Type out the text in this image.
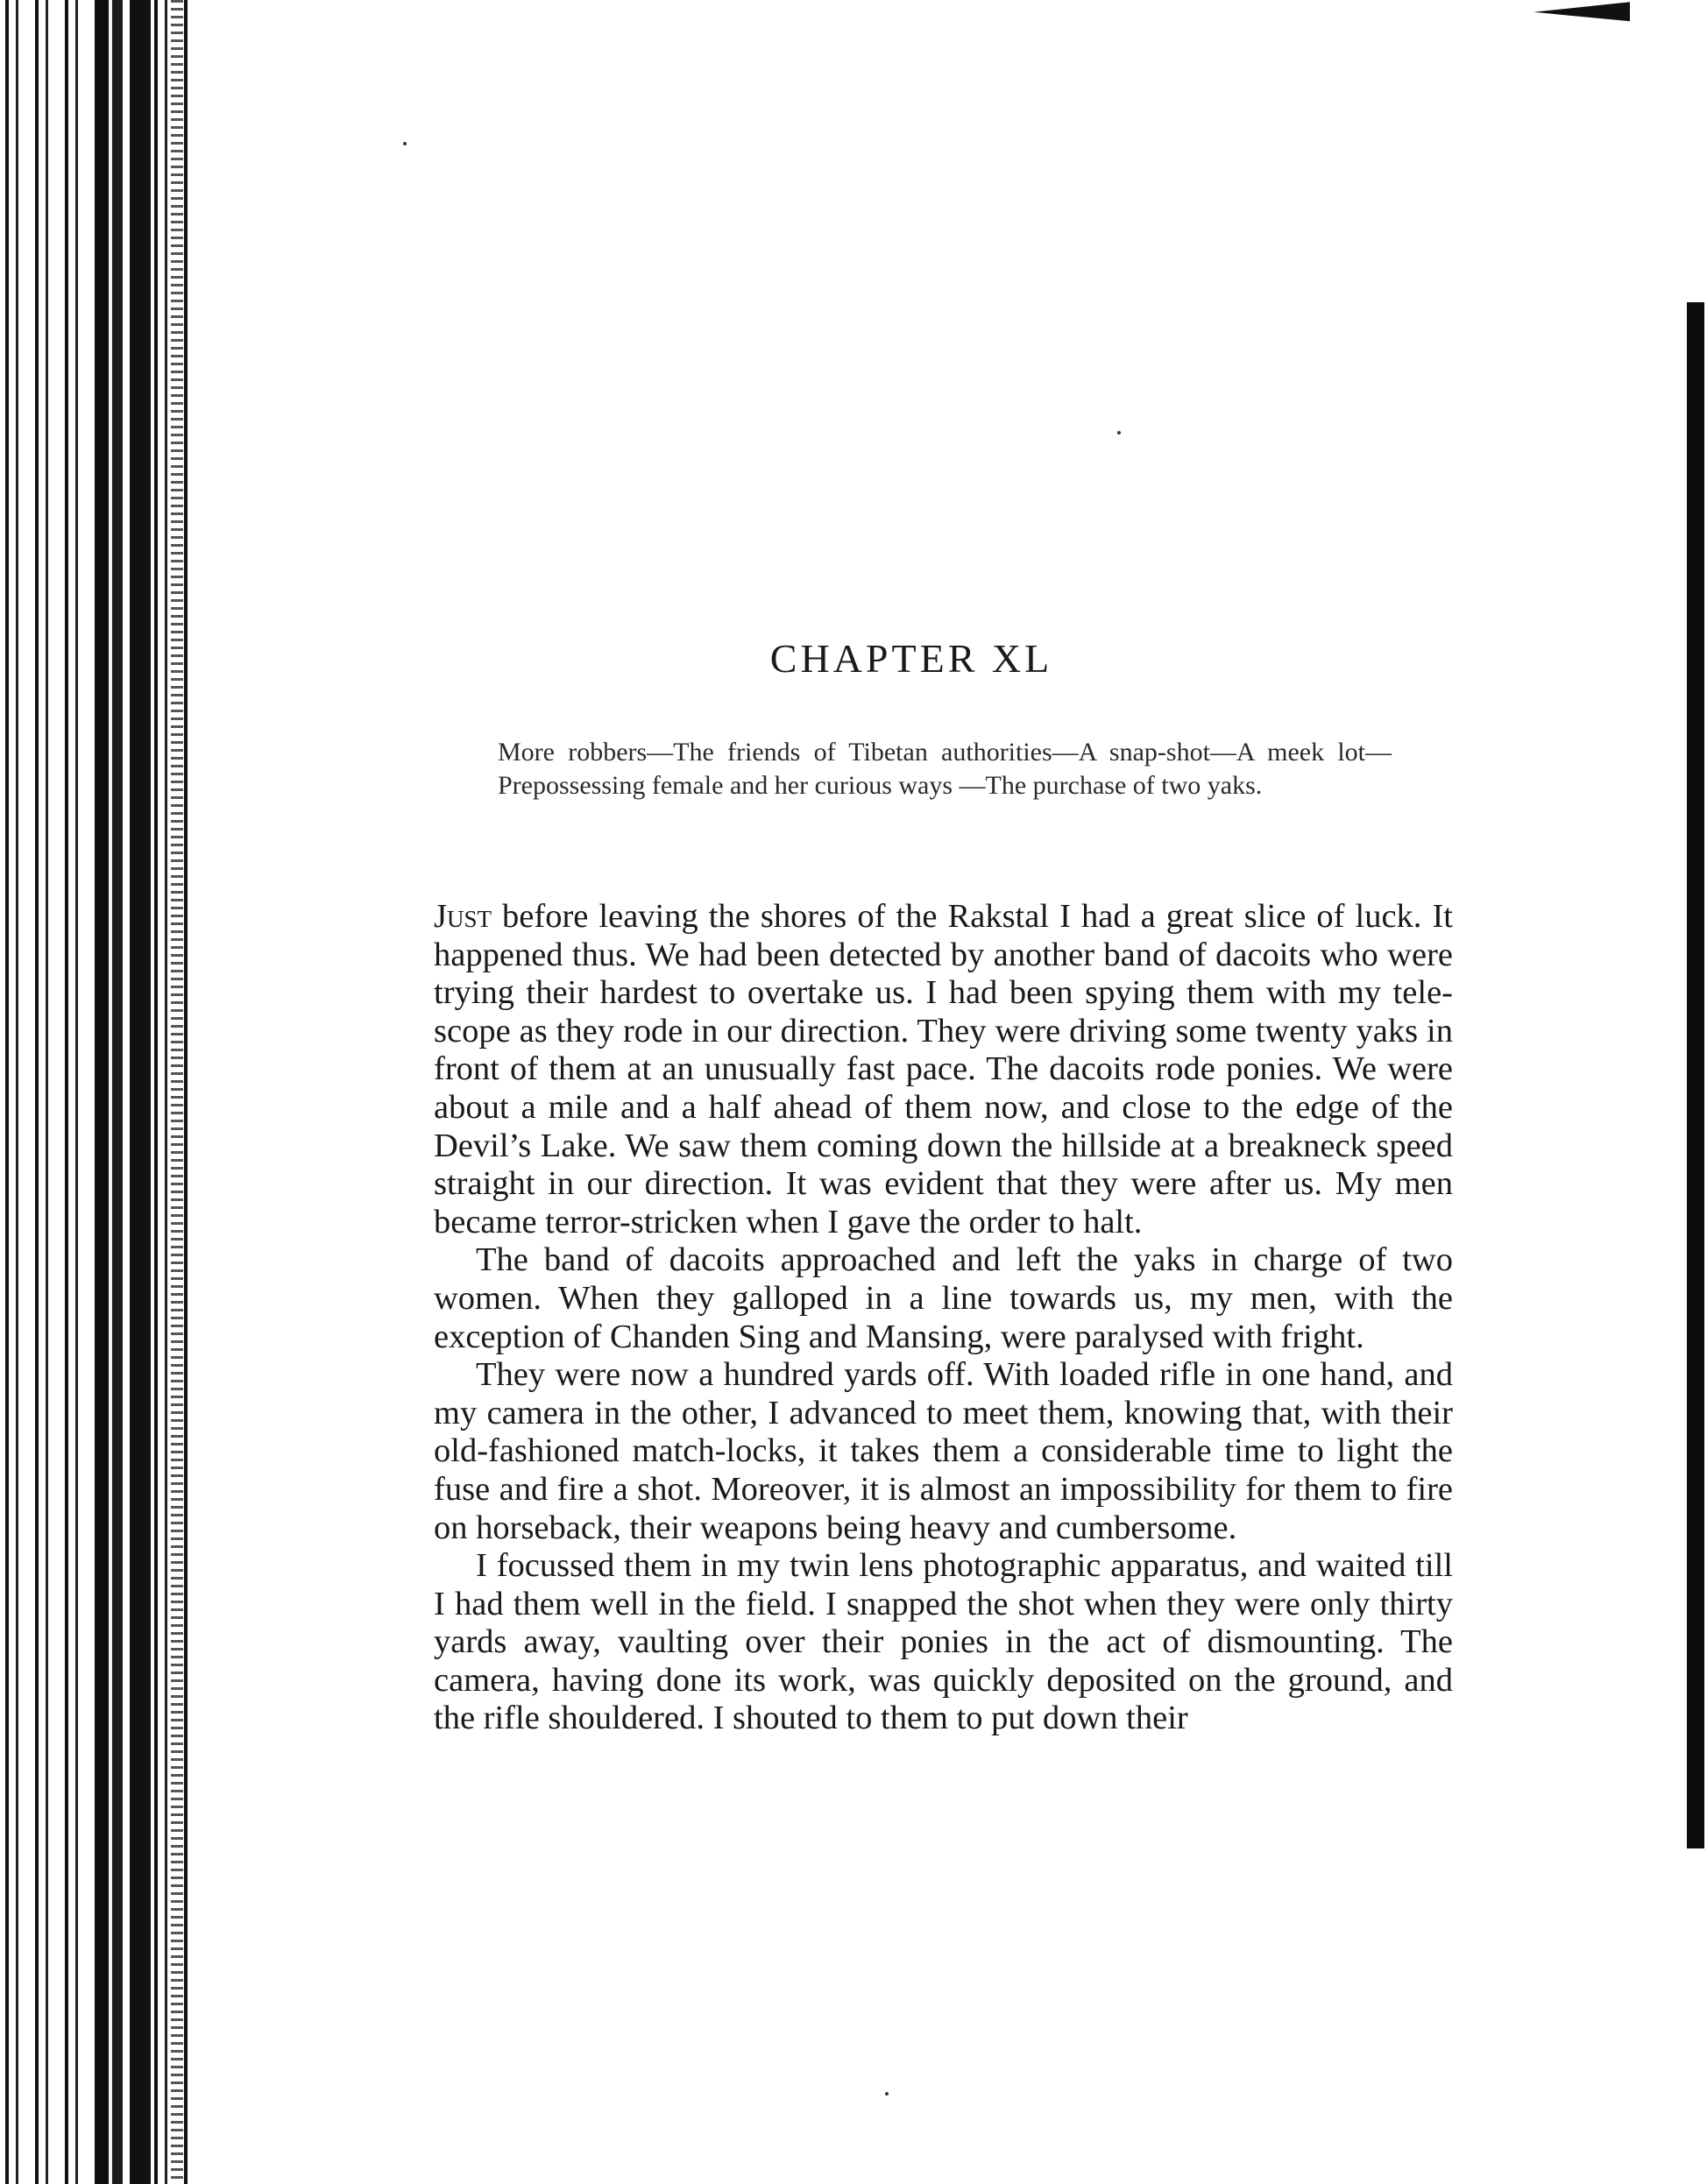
CHAPTER XL

More robbers—The friends of Tibetan authorities—A snap-shot—A meek lot—Prepossessing female and her curious ways —The purchase of two yaks.

Just before leaving the shores of the Rakstal I had a great slice of luck. It happened thus. We had been detected by another band of dacoits who were trying their hardest to overtake us. I had been spying them with my tele-scope as they rode in our direction. They were driving some twenty yaks in front of them at an unusually fast pace. The dacoits rode ponies. We were about a mile and a half ahead of them now, and close to the edge of the Devil’s Lake. We saw them coming down the hillside at a breakneck speed straight in our direction. It was evident that they were after us. My men became terror-stricken when I gave the order to halt.

The band of dacoits approached and left the yaks in charge of two women. When they galloped in a line towards us, my men, with the exception of Chanden Sing and Mansing, were paralysed with fright.

They were now a hundred yards off. With loaded rifle in one hand, and my camera in the other, I advanced to meet them, knowing that, with their old-fashioned match-locks, it takes them a considerable time to light the fuse and fire a shot. Moreover, it is almost an impossibility for them to fire on horseback, their weapons being heavy and cumbersome.

I focussed them in my twin lens photographic apparatus, and waited till I had them well in the field. I snapped the shot when they were only thirty yards away, vaulting over their ponies in the act of dismounting. The camera, having done its work, was quickly deposited on the ground, and the rifle shouldered. I shouted to them to put down their
